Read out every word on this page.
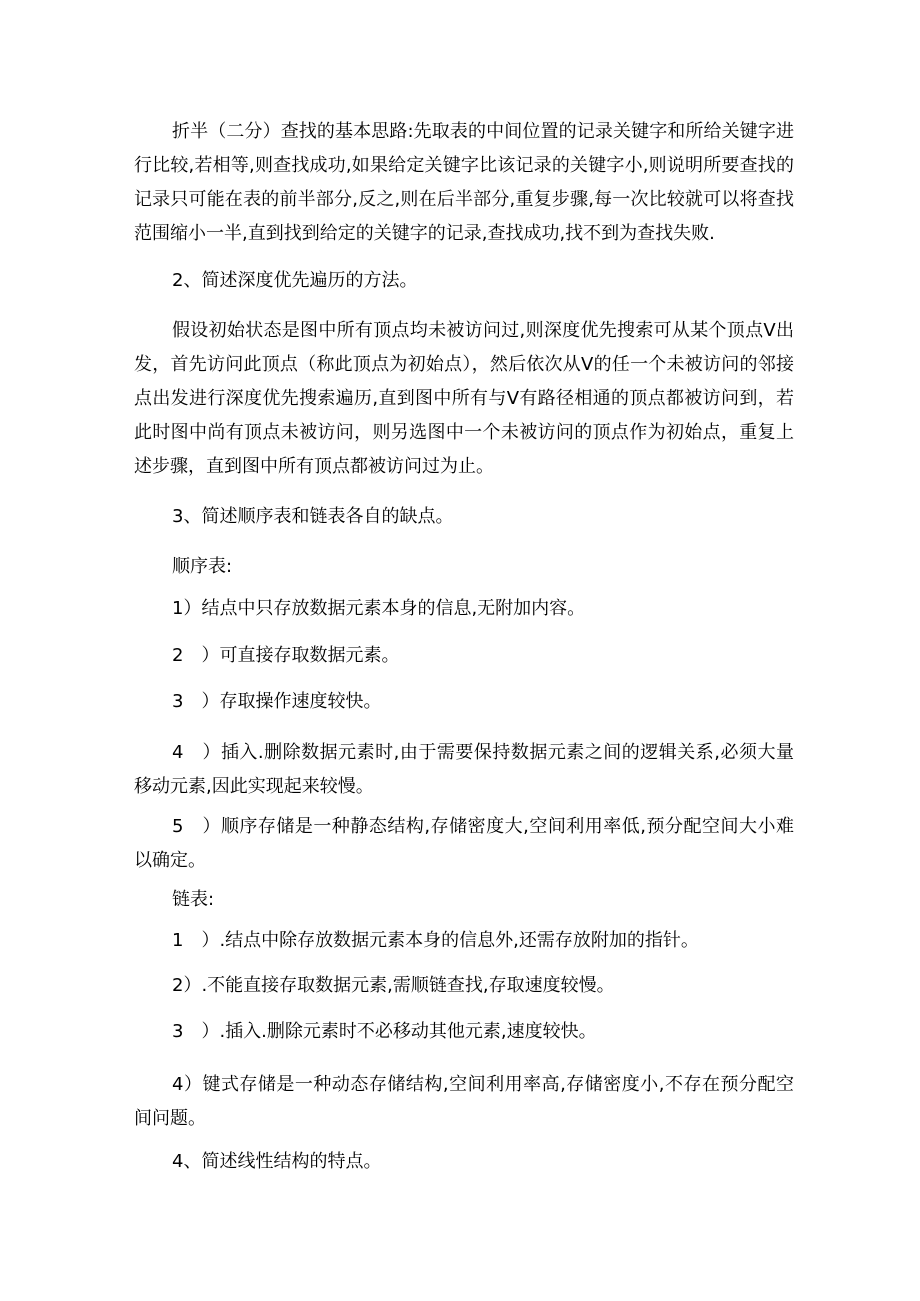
折半（二分）查找的基本思路:先取表的中间位置的记录关键字和所给关键字进行比较,若相等,则查找成功,如果给定关键字比该记录的关键字小,则说明所要查找的记录只可能在表的前半部分,反之,则在后半部分,重复步骤,每一次比较就可以将查找范围缩小一半,直到找到给定的关键字的记录,查找成功,找不到为查找失败.

2、简述深度优先遍历的方法。

假设初始状态是图中所有顶点均未被访问过,则深度优先搜索可从某个顶点V出发，首先访问此顶点（称此顶点为初始点），然后依次从V的任一个未被访问的邻接点出发进行深度优先搜索遍历,直到图中所有与V有路径相通的顶点都被访问到，若此时图中尚有顶点未被访问，则另选图中一个未被访问的顶点作为初始点，重复上述步骤，直到图中所有顶点都被访问过为止。

3、简述顺序表和链表各自的缺点。

顺序表:

1）结点中只存放数据元素本身的信息,无附加内容。

2　）可直接存取数据元素。

3　）存取操作速度较快。

4　）插入.删除数据元素时,由于需要保持数据元素之间的逻辑关系,必须大量移动元素,因此实现起来较慢。

5　）顺序存储是一种静态结构,存储密度大,空间利用率低,预分配空间大小难以确定。

链表:

1　）.结点中除存放数据元素本身的信息外,还需存放附加的指针。

2）.不能直接存取数据元素,需顺链查找,存取速度较慢。

3　）.插入.删除元素时不必移动其他元素,速度较快。

4）键式存储是一种动态存储结构,空间利用率高,存储密度小,不存在预分配空间问题。

4、简述线性结构的特点。
